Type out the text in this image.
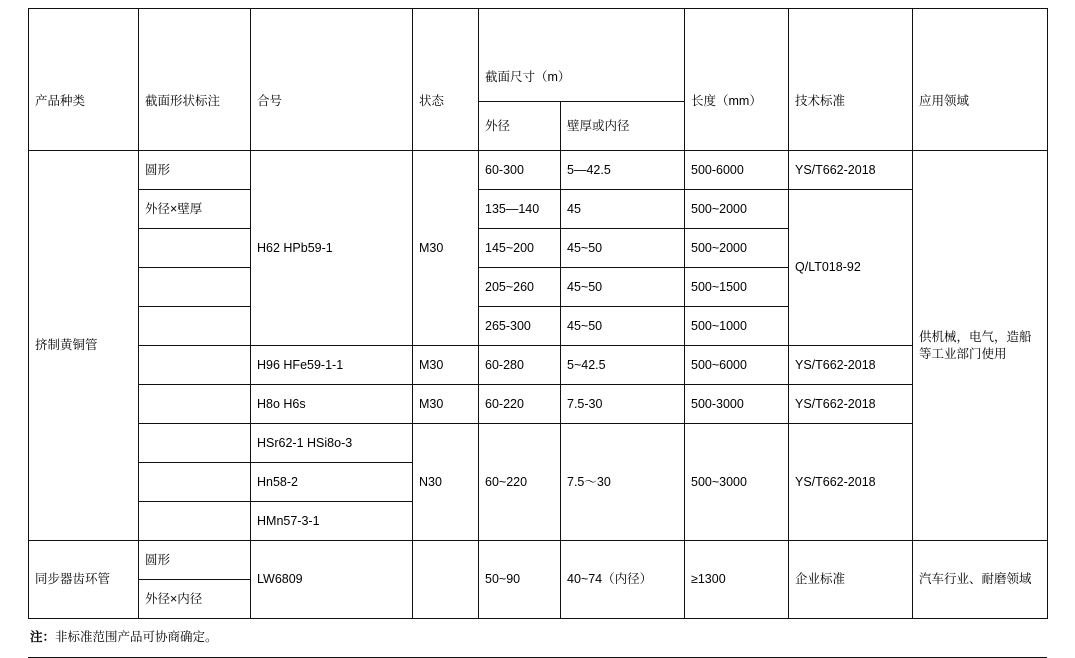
产品种类	截面形状标注	合号	状态	截面尺寸（m）		长度（mm）	技术标准	应用领域
				外径	壁厚或内径			
挤制黄铜管	圆形	H62 HPb59-1	M30	60-300	5—42.5	500-6000	YS/T662-2018	供机械，电气，造船等工业部门使用
	外径×壁厚			135—140	45	500~2000	Q/LT018-92	
				145~200	45~50	500~2000		
				205~260	45~50	500~1500		
				265-300	45~50	500~1000		
		H96 HFe59-1-1	M30	60-280	5~42.5	500~6000	YS/T662-2018	
		H8o H6s	M30	60-220	7.5-30	500-3000	YS/T662-2018	
		HSr62-1 HSi8o-3	N30	60~220	7.5～30	500~3000	YS/T662-2018	
		Hn58-2						
		HMn57-3-1						
同步器齿环管	圆形	LW6809		50~90	40~74（内径）	≥1300	企业标准	汽车行业、耐磨领域
	外径×内径							
注：非标准范围产品可协商确定。
